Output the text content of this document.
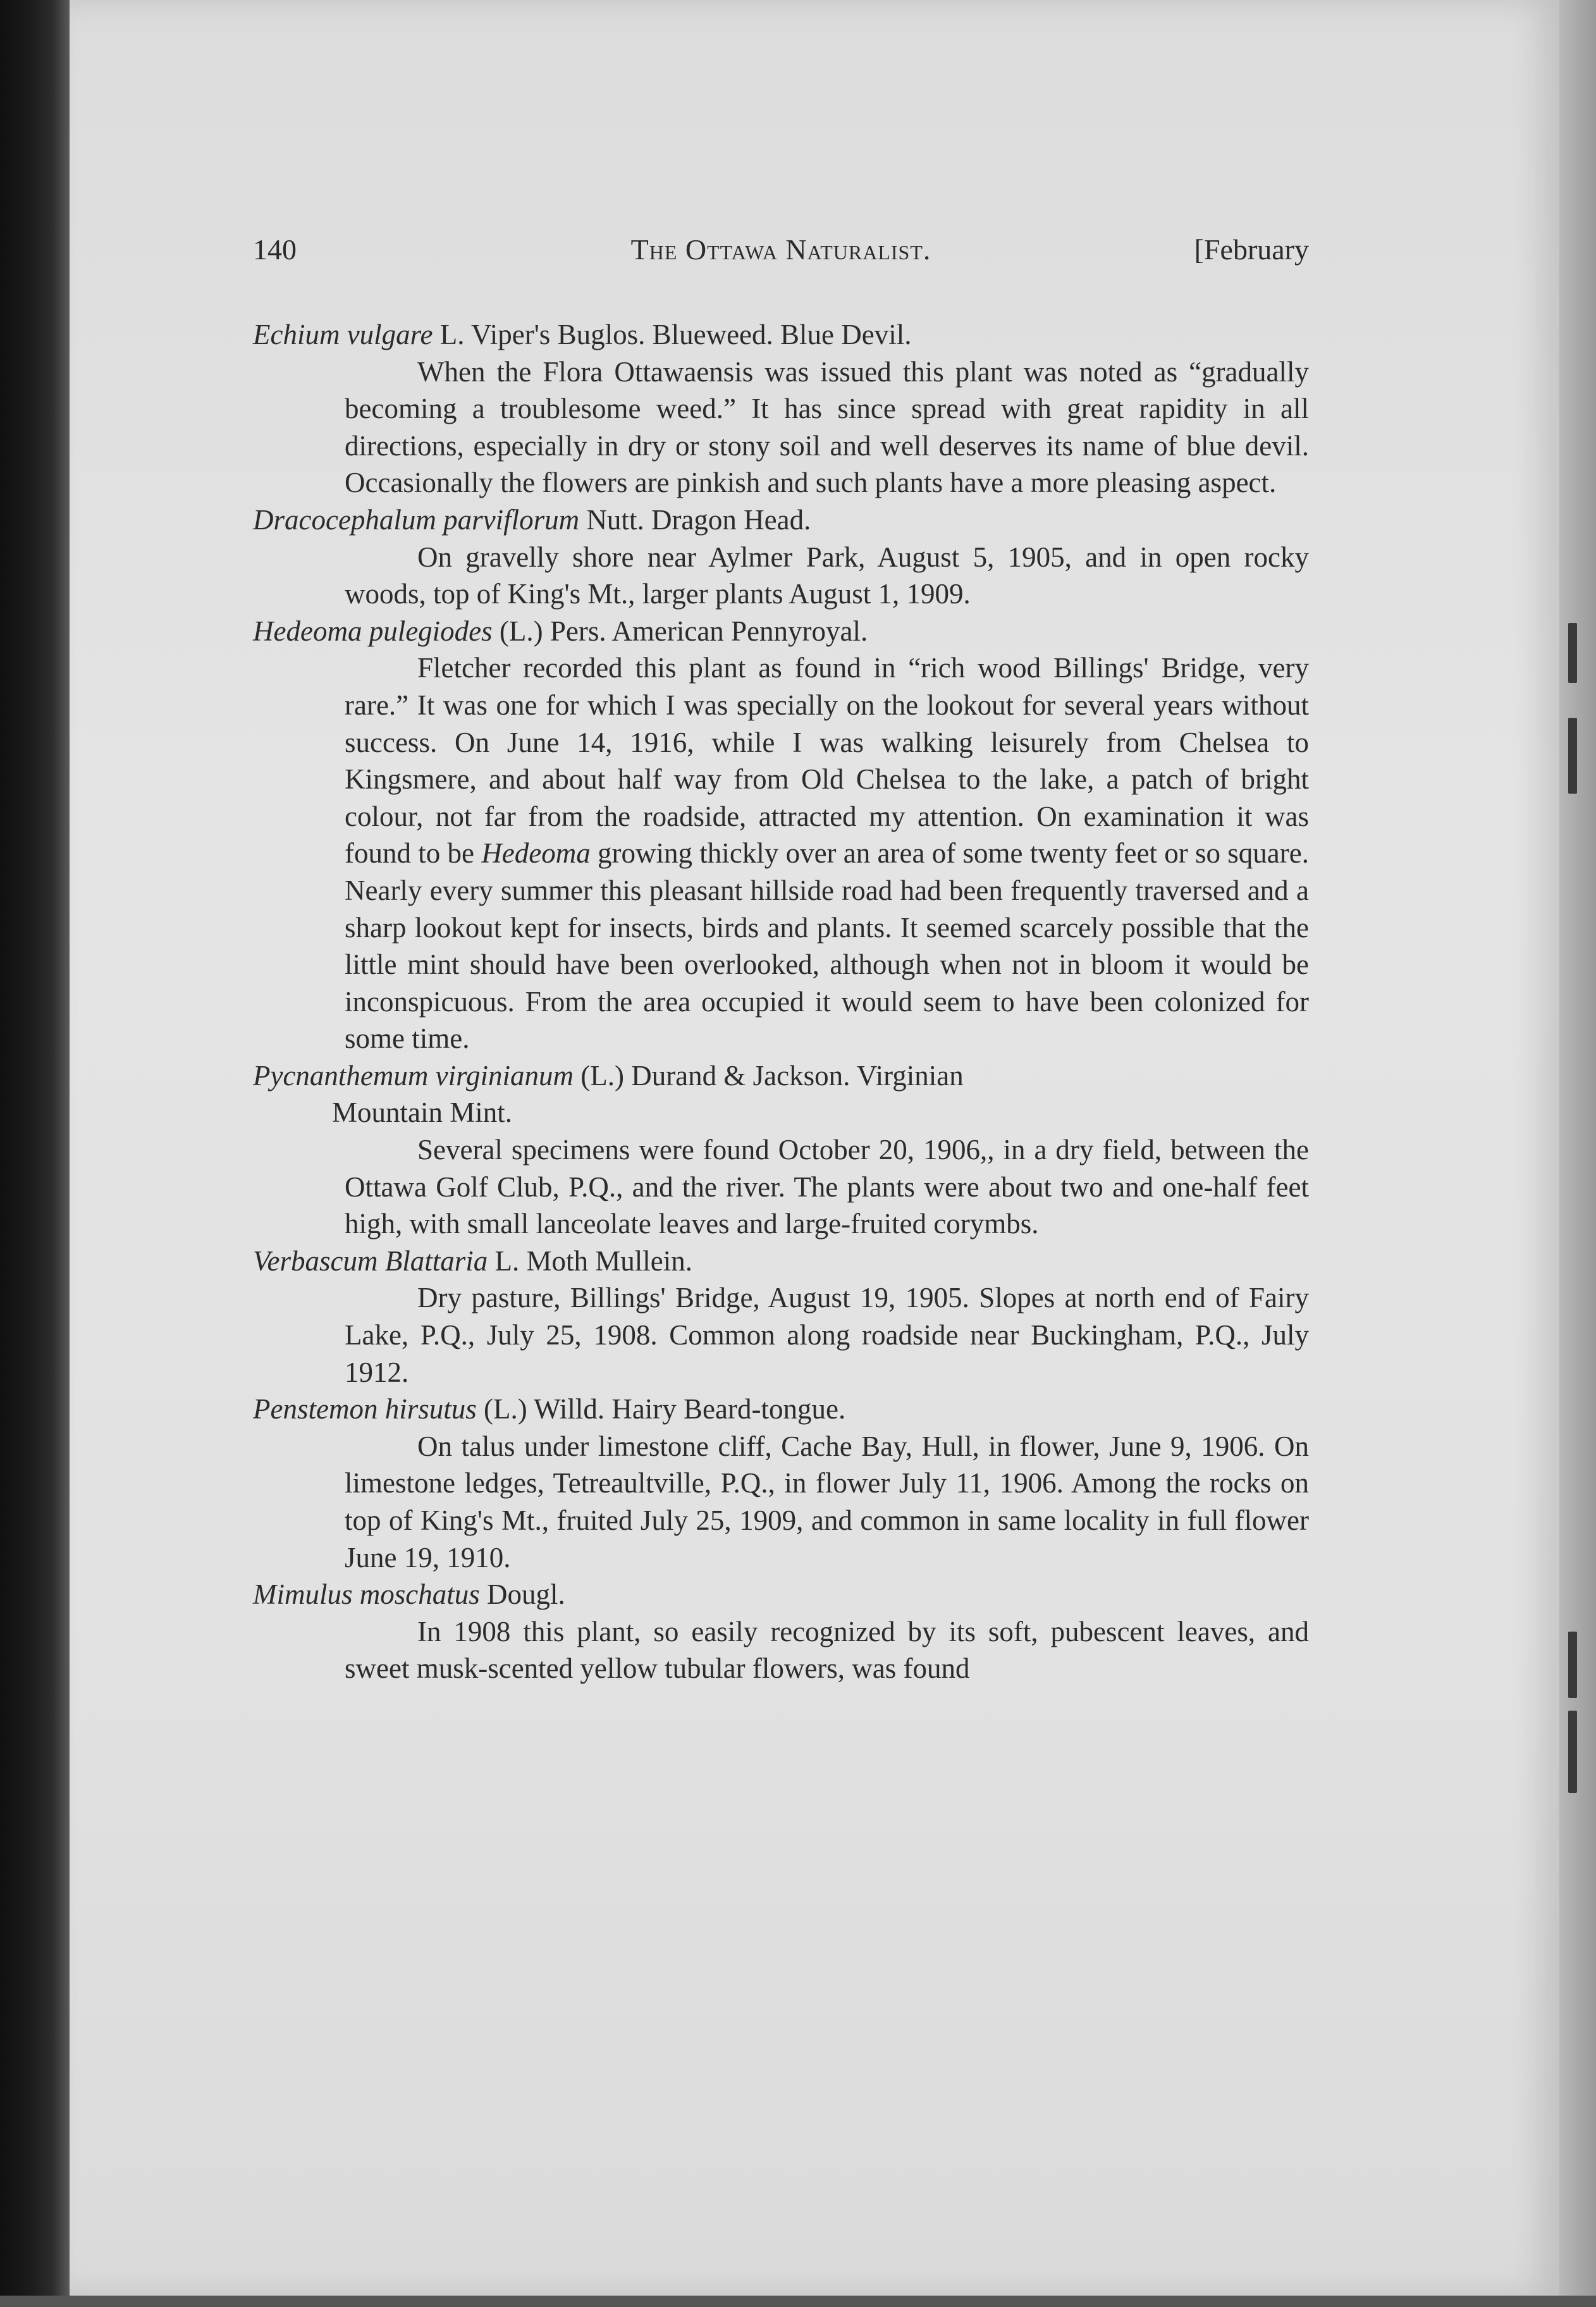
140	The Ottawa Naturalist.	[February

Echium vulgare L. Viper's Buglos. Blueweed. Blue Devil.

When the Flora Ottawaensis was issued this plant was noted as “gradually becoming a troublesome weed.” It has since spread with great rapidity in all directions, especially in dry or stony soil and well deserves its name of blue devil. Occasionally the flowers are pinkish and such plants have a more pleasing aspect.

Dracocephalum parviflorum Nutt. Dragon Head.

On gravelly shore near Aylmer Park, August 5, 1905, and in open rocky woods, top of King's Mt., larger plants August 1, 1909.

Hedeoma pulegiodes (L.) Pers. American Pennyroyal.

Fletcher recorded this plant as found in “rich wood Billings' Bridge, very rare.” It was one for which I was specially on the lookout for several years without success. On June 14, 1916, while I was walking leisurely from Chelsea to Kingsmere, and about half way from Old Chelsea to the lake, a patch of bright colour, not far from the roadside, attracted my attention. On examination it was found to be Hedeoma growing thickly over an area of some twenty feet or so square. Nearly every summer this pleasant hillside road had been frequently traversed and a sharp lookout kept for insects, birds and plants. It seemed scarcely possible that the little mint should have been overlooked, although when not in bloom it would be inconspicuous. From the area occupied it would seem to have been colonized for some time.

Pycnanthemum virginianum (L.) Durand & Jackson. Virginian
Mountain Mint.

Several specimens were found October 20, 1906,, in a dry field, between the Ottawa Golf Club, P.Q., and the river. The plants were about two and one-half feet high, with small lanceolate leaves and large-fruited corymbs.

Verbascum Blattaria L. Moth Mullein.

Dry pasture, Billings' Bridge, August 19, 1905. Slopes at north end of Fairy Lake, P.Q., July 25, 1908. Common along roadside near Buckingham, P.Q., July 1912.

Penstemon hirsutus (L.) Willd. Hairy Beard-tongue.

On talus under limestone cliff, Cache Bay, Hull, in flower, June 9, 1906. On limestone ledges, Tetreaultville, P.Q., in flower July 11, 1906. Among the rocks on top of King's Mt., fruited July 25, 1909, and common in same locality in full flower June 19, 1910.

Mimulus moschatus Dougl.

In 1908 this plant, so easily recognized by its soft, pubescent leaves, and sweet musk-scented yellow tubular flowers, was found
